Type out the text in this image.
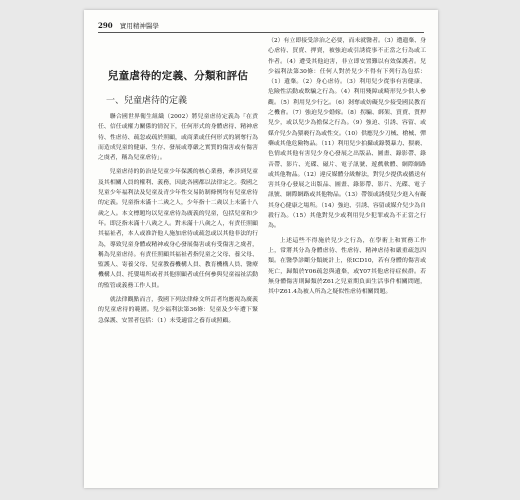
290 實用精神醫學
兒童虐待的定義、分類和評估
一、兒童虐待的定義

聯合國世界衛生組織（2002）將兒童虐待定義為「在責任、信任或權力關係的情況下，任何形式的身體虐待、精神虐待、性虐待、疏忽或疏於照顧，或商業或任何形式的剝奪行為而造成兒童的健康、生存、發展或尊嚴之實質的傷害或有傷害之虞者，稱為兒童虐待」。

兒童虐待的防治是兒童少年保護的核心業務，牽涉到兒童及其相關人員的權利、義務，因此各國都以法律定之。我國之兒童少年福利法及兒童及青少年性交易防制條例均有兒童虐待的定義。兒童指未滿十二歲之人，少年指十二歲以上未滿十八歲之人。本文標題均以兒童虐待為廣義的兒童，包括兒童和少年。即泛指未滿十八歲之人。對未滿十八歲之人，有責任照顧其福祉者，本人或准許他人施加虐待或疏忽或以其他非法的行為，導致兒童身體或精神或身心發展傷害或有受傷害之虞者，稱為兒童虐待。有責任照顧其福祉者指兒童之父母、養父母、監護人、寄養父母、兒童教養機構人員、教育機構人員、醫療機構人員、托嬰場所或者其他照顧者或任何參與兒童福祉活動的監管或義務工作人員。

就法律觀點而言，我國下列法律條文所訂者均應視為廣義的兒童虐待的範圍。兒少福利法第36條：兒童及少年遭下緊急保護、安置者包括：（1）未受適當之養育或照顧。

（2）有立即接受診治之必要，而未就醫者。（3）遭遺棄、身心虐待、買賣、押賣，被強迫或引誘從事不正當之行為或工作者。（4）遭受其他迫害，非立即安置難以有效保護者。兒少福利法第30條：任何人對於兒少不得有下列行為包括：（1）遺棄。（2）身心虐待。（3）利用兒少從事有害健康、危險性活動或欺騙之行為。（4）利用殘障或畸形兒少供人參觀。（5）利用兒少行乞。（6）剝奪或妨礙兒少接受國民教育之機會。（7）強迫兒少婚嫁。（8）拐騙、綁架、買賣、質押兒少，或以兒少為擔保之行為。（9）強迫、引誘、容留、或媒介兒少為猥褻行為或性交。（10）供應兒少刀械、槍械、彈藥或其他危險物品。（11）利用兒少拍攝或錄製暴力、猥褻、色情或其他有害兒少身心發展之出版品、圖畫、錄影帶、錄音帶、影片、光碟、磁片、電子訊號、遊戲軟體、網際網路或其他物品。（12）違反媒體分級辦法，對兒少提供或播送有害其身心發展之出版品、圖畫、錄影帶、影片、光碟、電子訊號、網際網路或其他物品。（13）帶領或誘使兒少進入有礙其身心健康之場所。（14）強迫、引誘、容留或媒介兒少為自殺行為。（15）其他對兒少或利用兒少犯罪或為不正當之行為。

上述這些不得施於兒少之行為，在學術上和實務工作上，常將其分為身體虐待、性虐待、精神虐待和嚴重疏忽四類。在醫學診斷分類統計上，依ICD10，若有身體的傷害或死亡，歸類於Y06疏忽與遺棄，或Y07其他虐待症候群。若無身體傷害則歸類於Z61之兒童期負面生活事件相關問題，其中Z61.4為被人所為之疑似性虐待相關問題。
